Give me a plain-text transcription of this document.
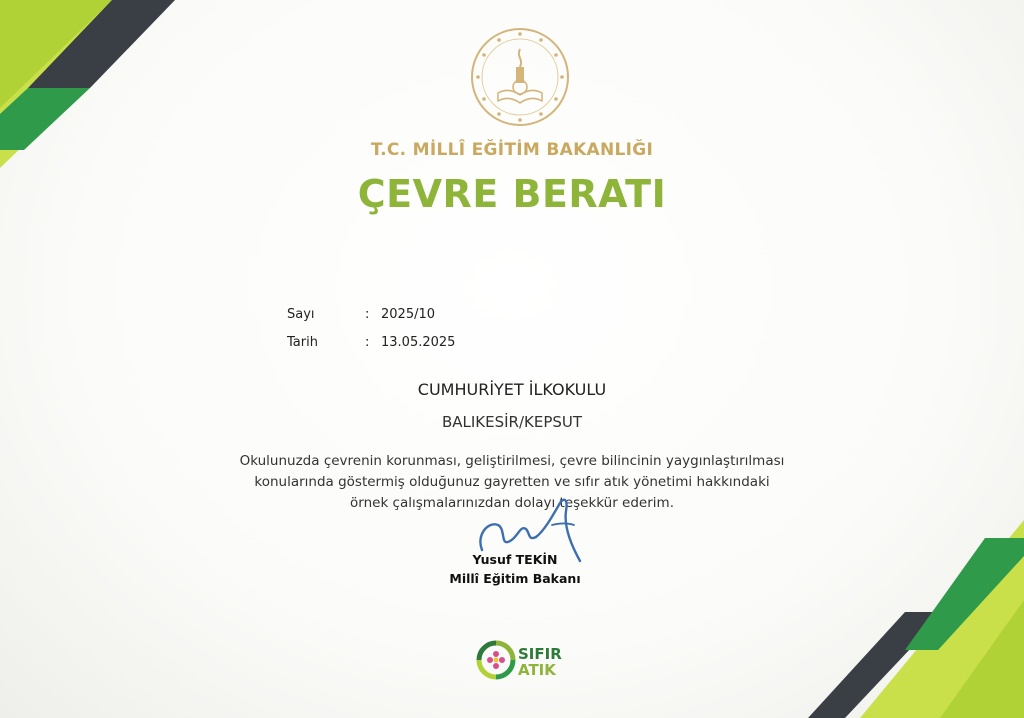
T.C. MİLLÎ EĞİTİM BAKANLIĞI
ÇEVRE BERATI
Sayı	: 2025/10
Tarih	: 13.05.2025
CUMHURİYET İLKOKULU
BALIKESİR/KEPSUT
Okulunuzda çevrenin korunması, geliştirilmesi, çevre bilincinin yaygınlaştırılması
konularında göstermiş olduğunuz gayretten ve sıfır atık yönetimi hakkındaki
örnek çalışmalarınızdan dolayı teşekkür ederim.
Yusuf TEKİN
Millî Eğitim Bakanı
SIFIR
ATIK
